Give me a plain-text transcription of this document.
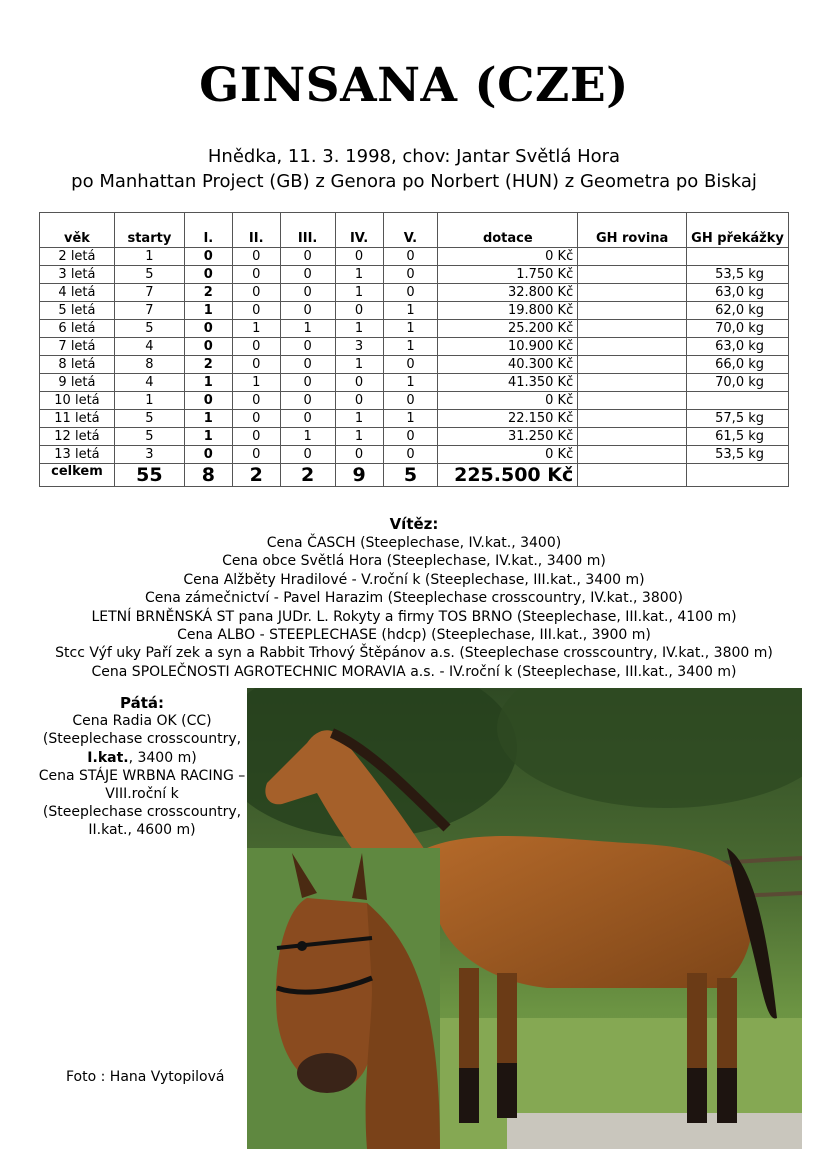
GINSANA (CZE)
Hnědka, 11. 3. 1998, chov: Jantar Světlá Hora
po Manhattan Project (GB) z Genora po Norbert (HUN) z Geometra po Biskaj
věk	starty	I.	II.	III.	IV.	V.	dotace	GH rovina	GH překážky
2 letá	1	0	0	0	0	0	0 Kč		
3 letá	5	0	0	0	1	0	1.750 Kč		53,5 kg
4 letá	7	2	0	0	1	0	32.800 Kč		63,0 kg
5 letá	7	1	0	0	0	1	19.800 Kč		62,0 kg
6 letá	5	0	1	1	1	1	25.200 Kč		70,0 kg
7 letá	4	0	0	0	3	1	10.900 Kč		63,0 kg
8 letá	8	2	0	0	1	0	40.300 Kč		66,0 kg
9 letá	4	1	1	0	0	1	41.350 Kč		70,0 kg
10 letá	1	0	0	0	0	0	0 Kč		
11 letá	5	1	0	0	1	1	22.150 Kč		57,5 kg
12 letá	5	1	0	1	1	0	31.250 Kč		61,5 kg
13 letá	3	0	0	0	0	0	0 Kč		53,5 kg
celkem	55	8	2	2	9	5	225.500 Kč		
Vítěz:
Cena ČASCH (Steeplechase, IV.kat., 3400)
Cena obce Světlá Hora (Steeplechase, IV.kat., 3400 m)
Cena Alžběty Hradilové - V.roční k (Steeplechase, III.kat., 3400 m)
Cena zámečnictví - Pavel Harazim (Steeplechase crosscountry, IV.kat., 3800)
LETNÍ BRNĚNSKÁ ST pana JUDr. L. Rokyty a firmy TOS BRNO (Steeplechase, III.kat., 4100 m)
Cena ALBO - STEEPLECHASE (hdcp) (Steeplechase, III.kat., 3900 m)
Stcc Výf uky Paří zek a syn a Rabbit Trhový Štěpánov a.s. (Steeplechase crosscountry, IV.kat., 3800 m)
Cena SPOLEČNOSTI AGROTECHNIC MORAVIA a.s. - IV.roční k (Steeplechase, III.kat., 3400 m)
Pátá:
Cena Radia OK (CC)
(Steeplechase crosscountry,
I.kat., 3400 m)
Cena STÁJE WRBNA RACING –
VIII.roční k
(Steeplechase crosscountry,
II.kat., 4600 m)
Foto : Hana Vytopilová
